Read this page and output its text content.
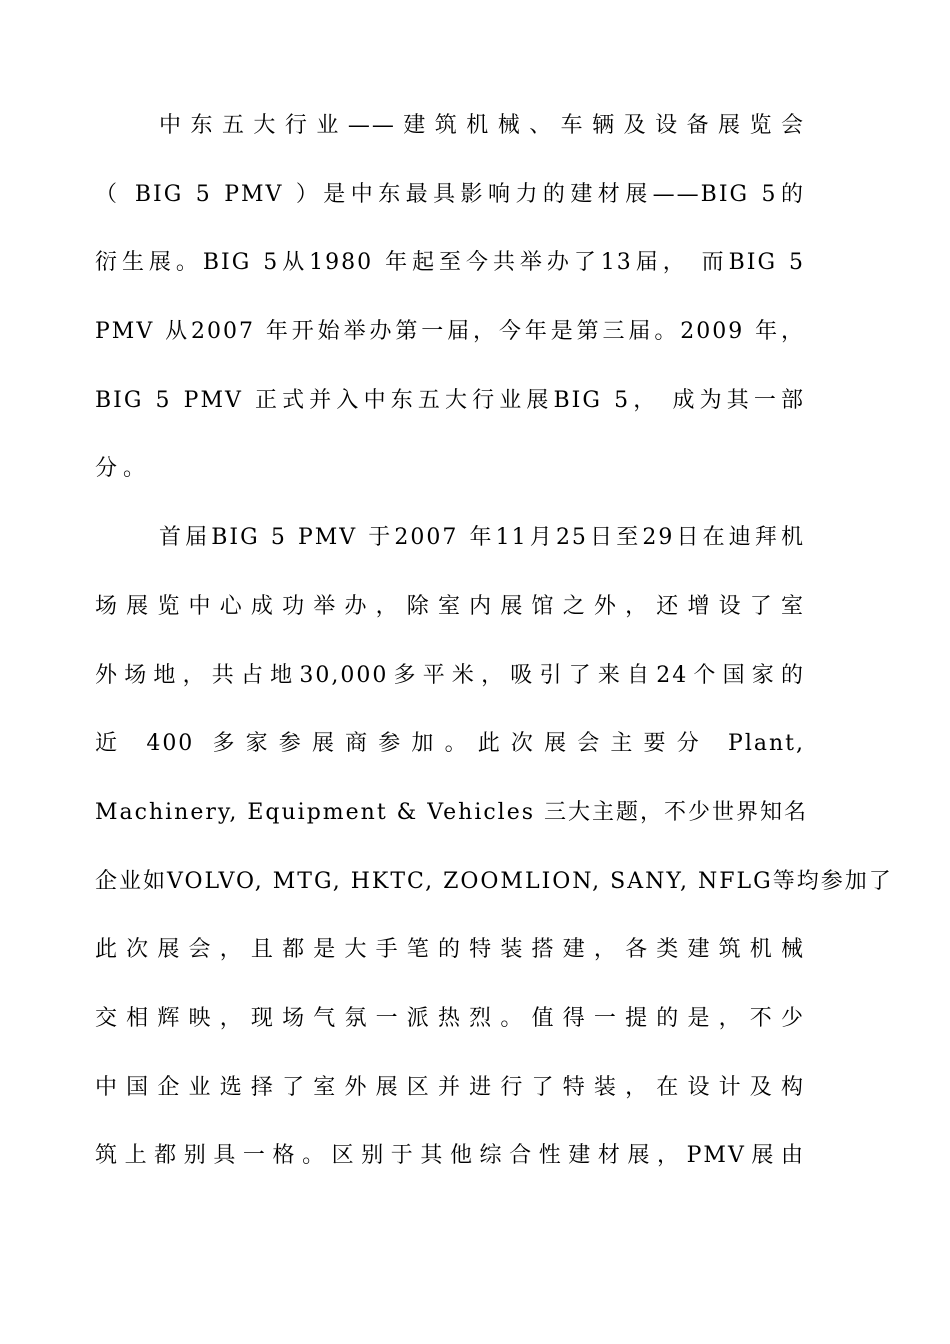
中东五大行业——建筑机械、车辆及设备展览会
（ BIG 5 PMV ）是中东最具影响力的建材展——BIG 5的
衍生展。BIG 5从1980 年起至今共举办了13届， 而BIG 5
PMV 从2007 年开始举办第一届，今年是第三届。2009 年，
BIG 5 PMV 正式并入中东五大行业展BIG 5， 成为其一部
分。
首届BIG 5 PMV 于2007 年11月25日至29日在迪拜机
场展览中心成功举办，除室内展馆之外，还增设了室
外场地，共占地30,000多平米，吸引了来自24个国家的
近 400 多家参展商参加。此次展会主要分 Plant,
Machinery, Equipment & Vehicles 三大主题，不少世界知名
企业如VOLVO, MTG, HKTC, ZOOMLION, SANY, NFLG等均参加了
此次展会，且都是大手笔的特装搭建，各类建筑机械
交相辉映，现场气氛一派热烈。值得一提的是，不少
中国企业选择了室外展区并进行了特装，在设计及构
筑上都别具一格。区别于其他综合性建材展，PMV展由
